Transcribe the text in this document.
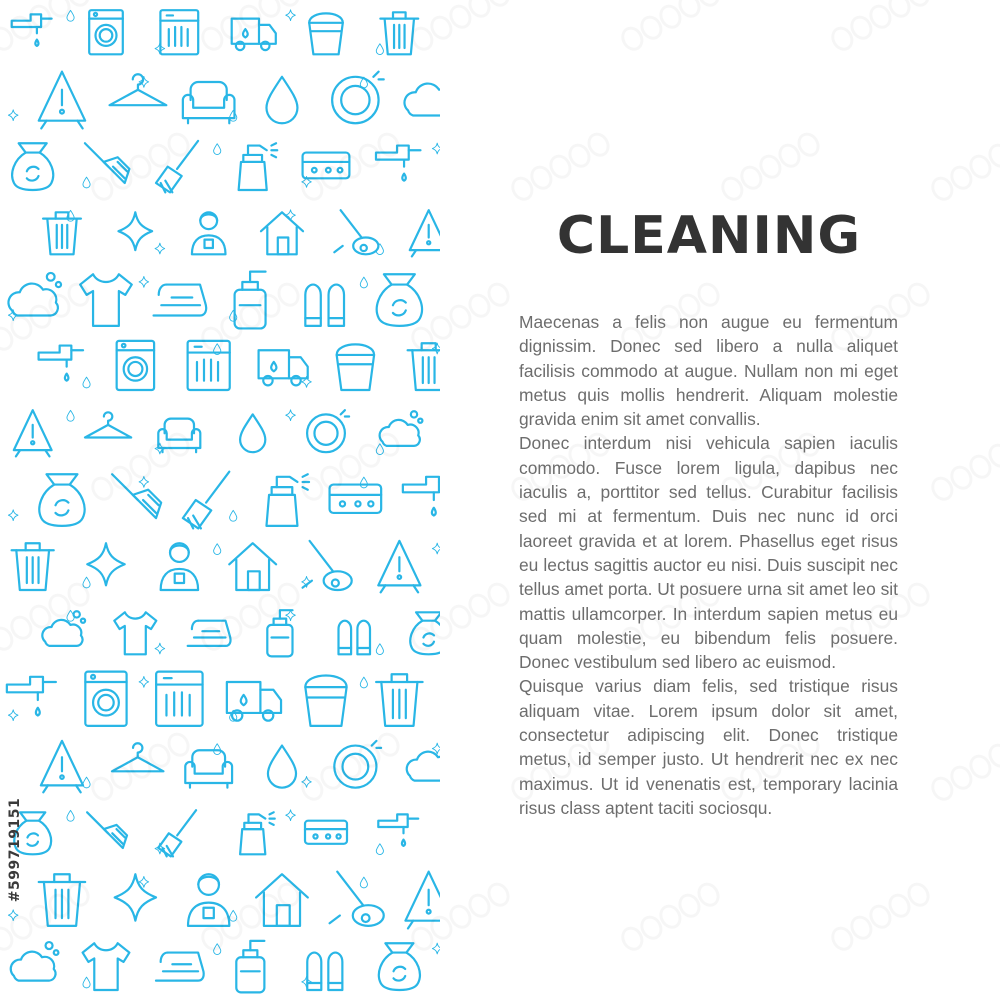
#599719151
CLEANING

Maecenas a felis non augue eu fermentum dignissim. Donec sed libero a nulla aliquet facilisis commodo at augue. Nullam non mi eget metus quis mollis hendrerit. Aliquam molestie gravida enim sit amet convallis.

Donec interdum nisi vehicula sapien iaculis commodo. Fusce lorem ligula, dapibus nec iaculis a, porttitor sed tellus. Curabitur facilisis sed mi at fermentum. Duis nec nunc id orci laoreet gravida et at lorem. Phasellus eget risus eu lectus sagittis auctor eu nisi. Duis suscipit nec tellus amet porta. Ut posuere urna sit amet leo sit mattis ullamcorper. In interdum sapien metus eu quam molestie, eu bibendum felis posuere. Donec vestibulum sed libero ac euismod.

Quisque varius diam felis, sed tristique risus aliquam vitae. Lorem ipsum dolor sit amet, consectetur adipiscing elit. Donec tristique metus, id semper justo. Ut hendrerit nec ex nec maximus. Ut id venenatis est, temporary lacinia risus class aptent taciti sociosqu.
